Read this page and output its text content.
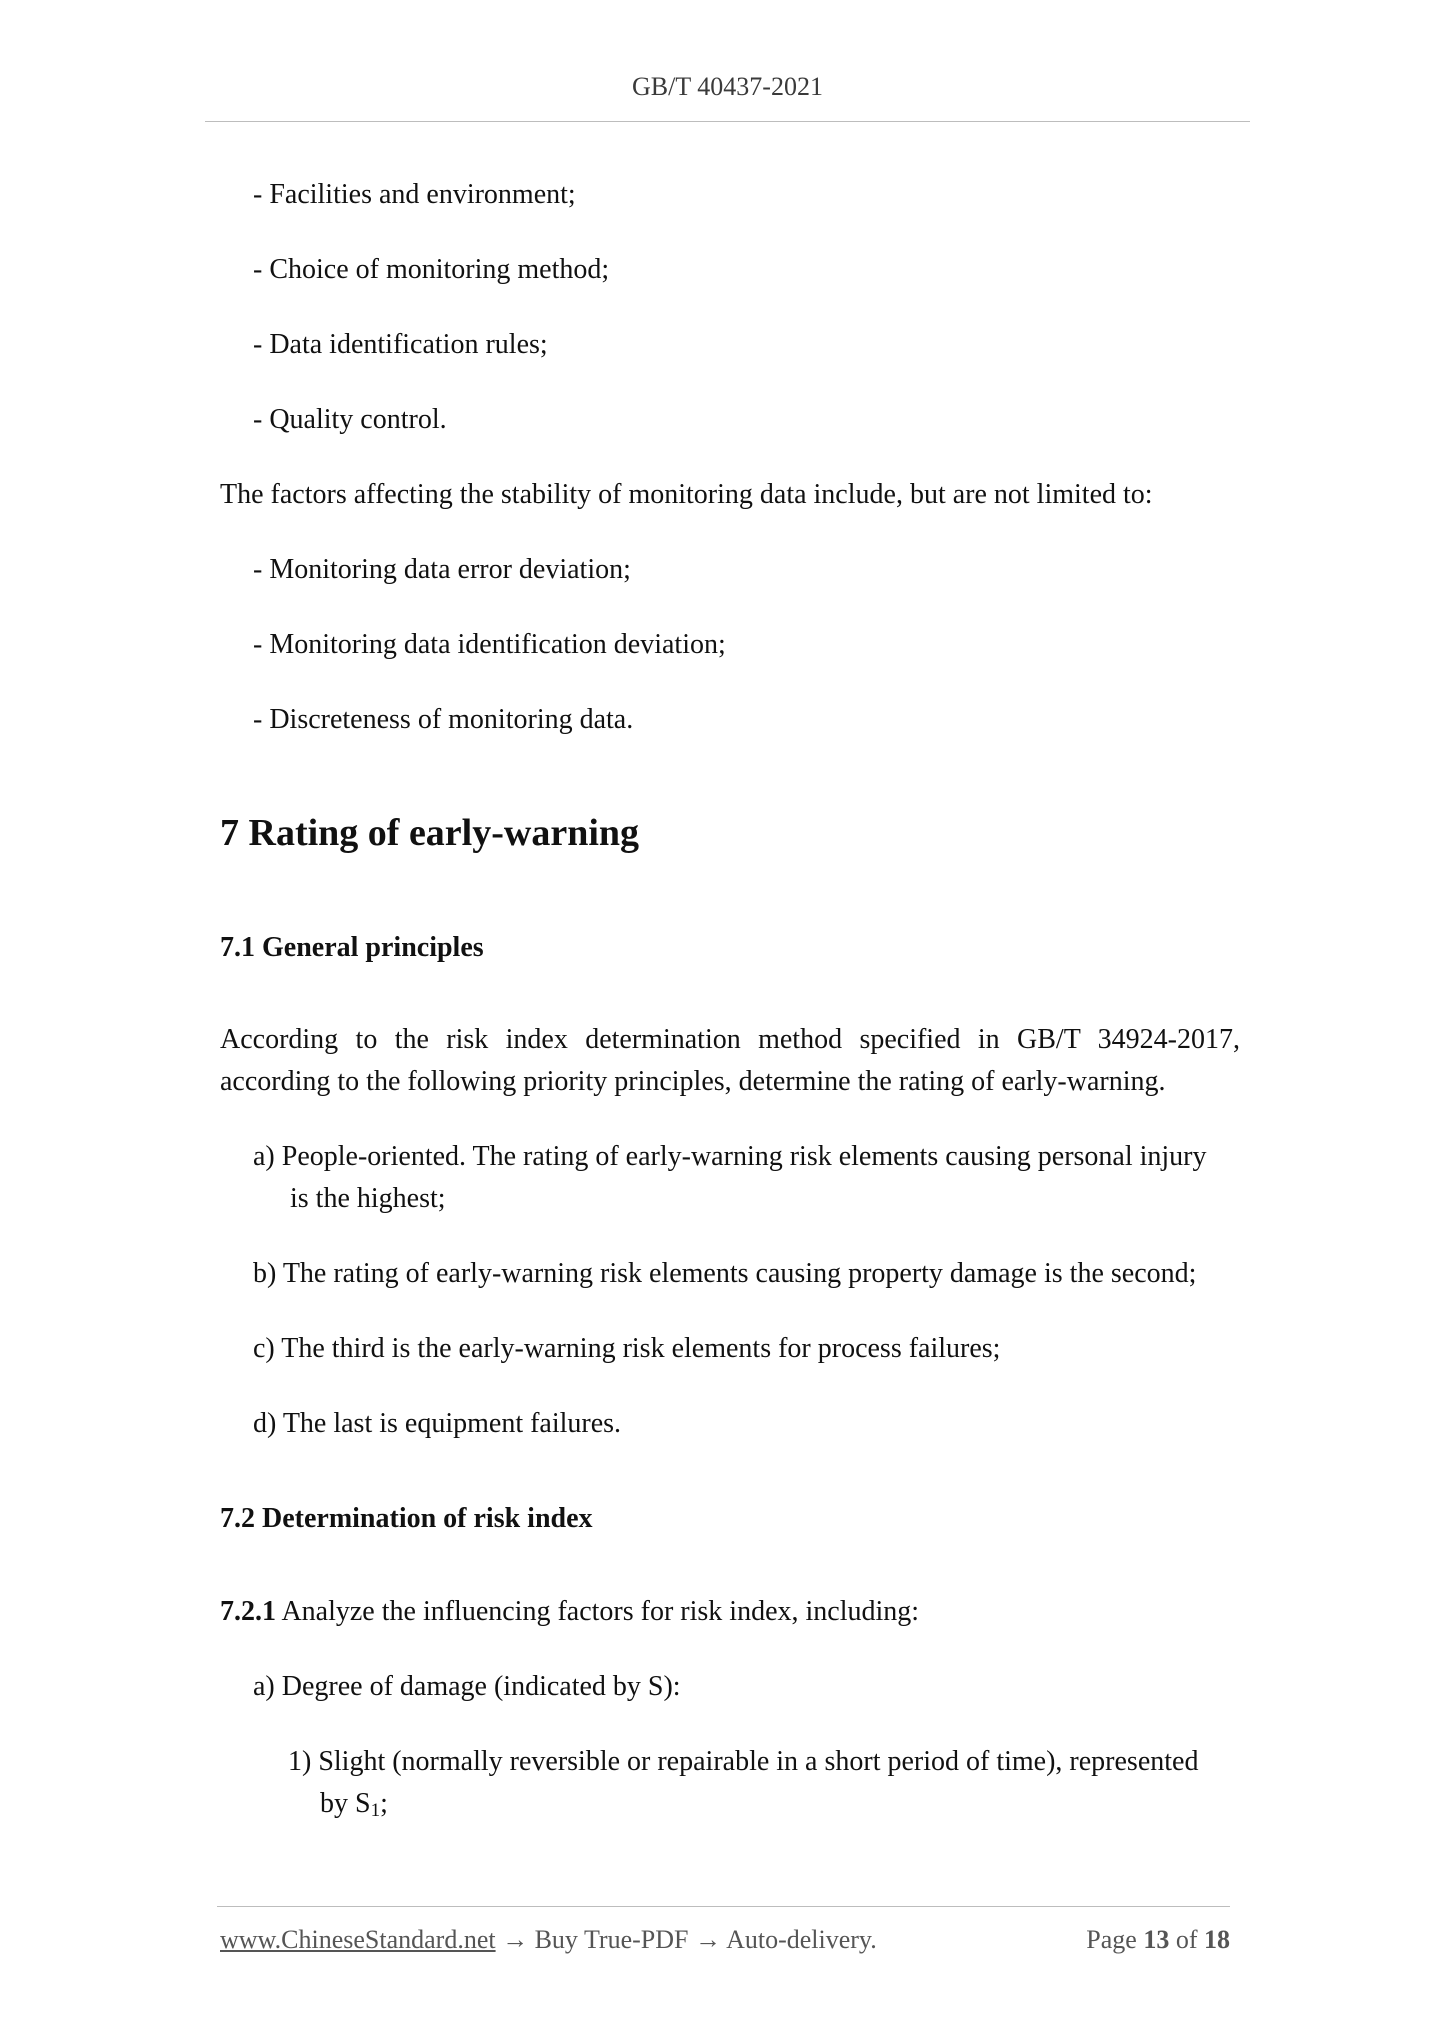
GB/T 40437-2021
- Facilities and environment;
- Choice of monitoring method;
- Data identification rules;
- Quality control.
The factors affecting the stability of monitoring data include, but are not limited to:
- Monitoring data error deviation;
- Monitoring data identification deviation;
- Discreteness of monitoring data.
7 Rating of early-warning
7.1 General principles
According to the risk index determination method specified in GB/T 34924-2017,
according to the following priority principles, determine the rating of early-warning.
a) People-oriented. The rating of early-warning risk elements causing personal injury
is the highest;
b) The rating of early-warning risk elements causing property damage is the second;
c) The third is the early-warning risk elements for process failures;
d) The last is equipment failures.
7.2 Determination of risk index
7.2.1 Analyze the influencing factors for risk index, including:
a) Degree of damage (indicated by S):
1) Slight (normally reversible or repairable in a short period of time), represented
by $S_1$;
www.ChineseStandard.net → Buy True-PDF → Auto-delivery.	Page 13 of 18
